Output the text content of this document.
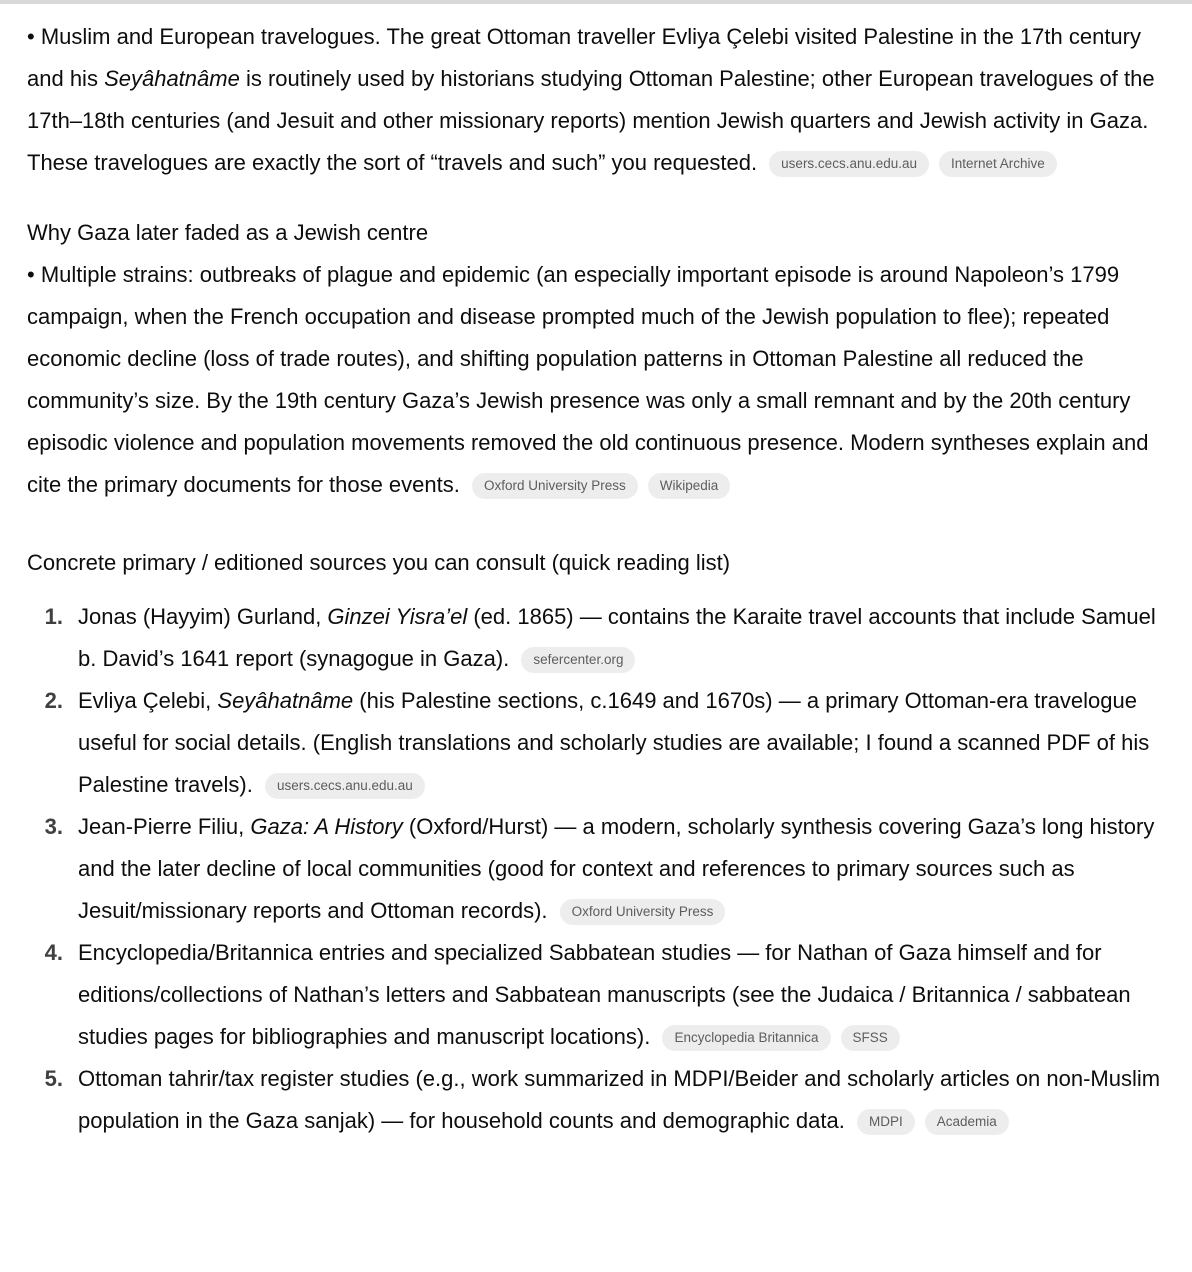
• Muslim and European travelogues. The great Ottoman traveller Evliya Çelebi visited Palestine in the 17th century and his Seyâhatnâme is routinely used by historians studying Ottoman Palestine; other European travelogues of the 17th–18th centuries (and Jesuit and other missionary reports) mention Jewish quarters and Jewish activity in Gaza. These travelogues are exactly the sort of “travels and such” you requested. users.cecs.anu.edu.au	Internet Archive

Why Gaza later faded as a Jewish centre

• Multiple strains: outbreaks of plague and epidemic (an especially important episode is around Napoleon’s 1799 campaign, when the French occupation and disease prompted much of the Jewish population to flee); repeated economic decline (loss of trade routes), and shifting population patterns in Ottoman Palestine all reduced the community’s size. By the 19th century Gaza’s Jewish presence was only a small remnant and by the 20th century episodic violence and population movements removed the old continuous presence. Modern syntheses explain and cite the primary documents for those events. Oxford University Press	Wikipedia

Concrete primary / editioned sources you can consult (quick reading list)

1. Jonas (Hayyim) Gurland, Ginzei Yisra’el (ed. 1865) — contains the Karaite travel accounts that include Samuel b. David’s 1641 report (synagogue in Gaza). sefercenter.org
2. Evliya Çelebi, Seyâhatnâme (his Palestine sections, c.1649 and 1670s) — a primary Ottoman-era travelogue useful for social details. (English translations and scholarly studies are available; I found a scanned PDF of his Palestine travels). users.cecs.anu.edu.au
3. Jean-Pierre Filiu, Gaza: A History (Oxford/Hurst) — a modern, scholarly synthesis covering Gaza’s long history and the later decline of local communities (good for context and references to primary sources such as Jesuit/missionary reports and Ottoman records). Oxford University Press
4. Encyclopedia/Britannica entries and specialized Sabbatean studies — for Nathan of Gaza himself and for editions/collections of Nathan’s letters and Sabbatean manuscripts (see the Judaica / Britannica / sabbatean studies pages for bibliographies and manuscript locations). Encyclopedia Britannica	SFSS
5. Ottoman tahrir/tax register studies (e.g., work summarized in MDPI/Beider and scholarly articles on non-Muslim population in the Gaza sanjak) — for household counts and demographic data. MDPI	Academia
